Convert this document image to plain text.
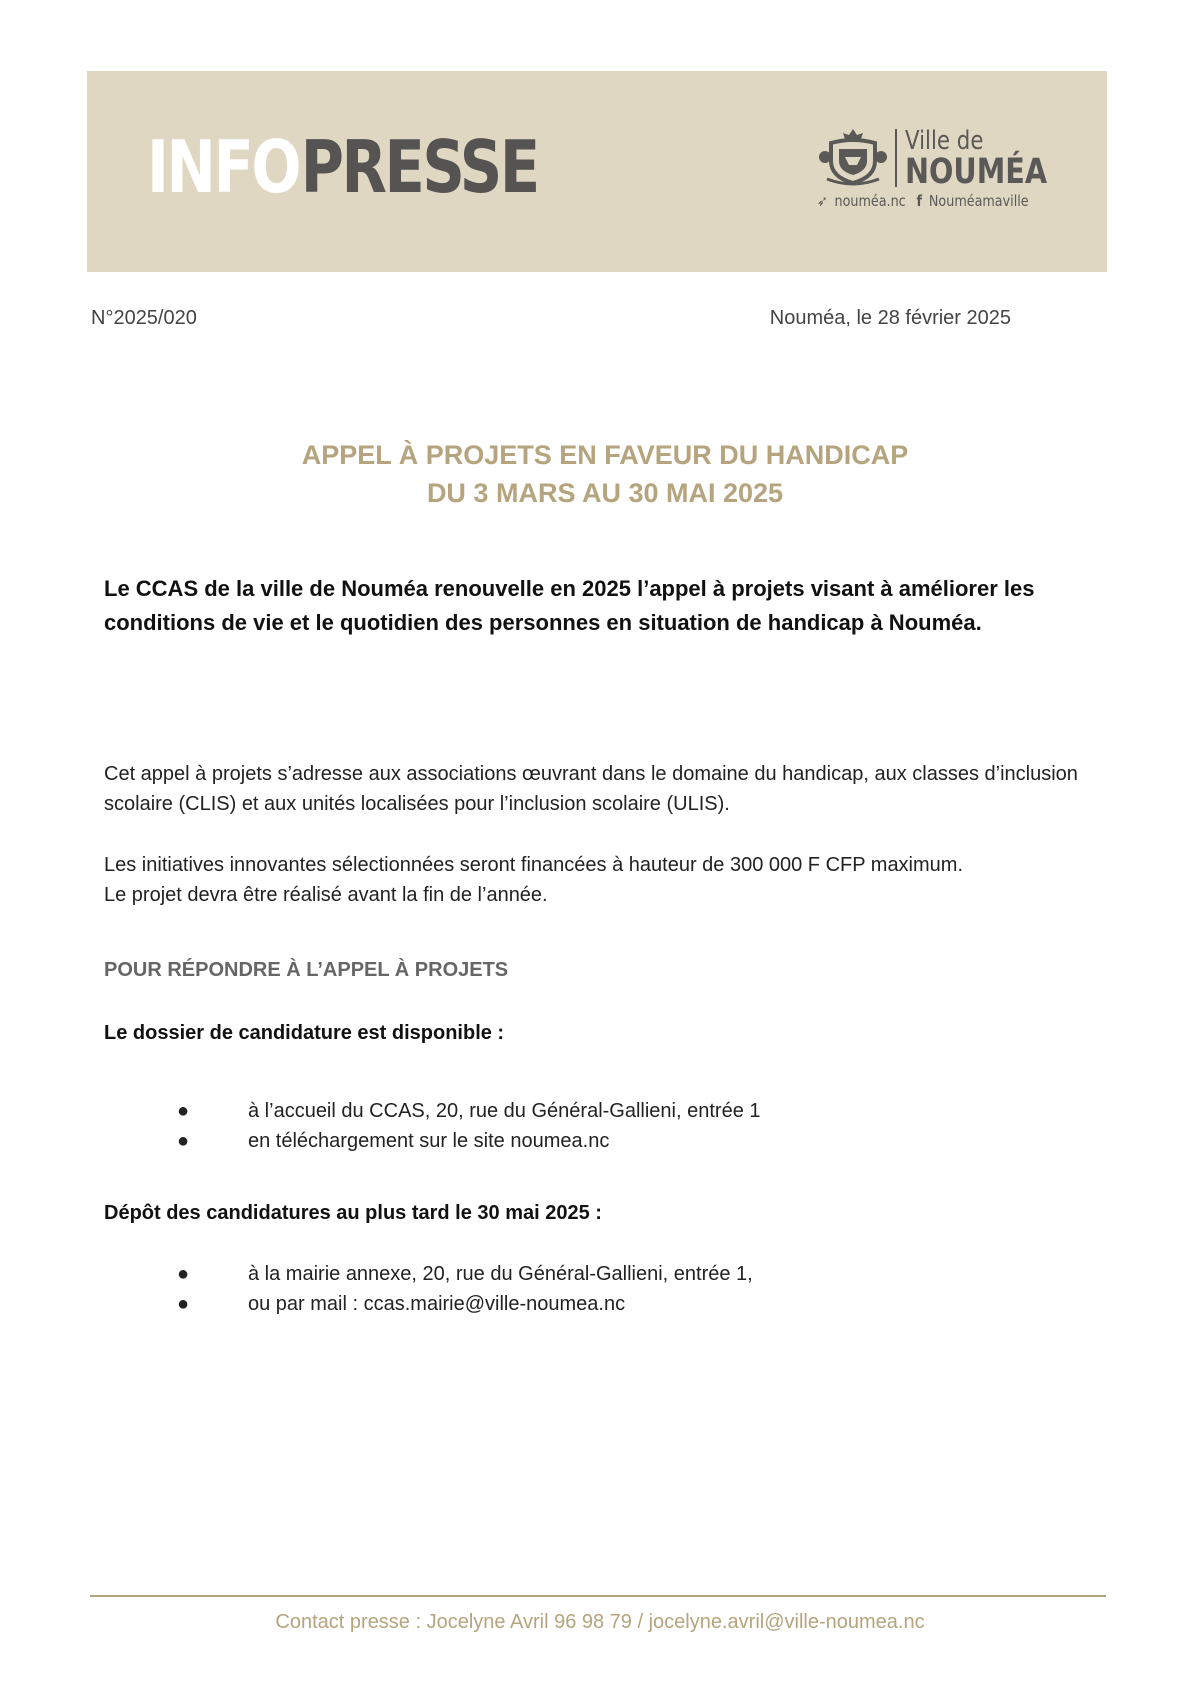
INFOPRESSE	Ville de
NOUMÉA
➶ nouméa.nc f Nouméamaville
N°2025/020	Nouméa, le 28 février 2025
APPEL À PROJETS EN FAVEUR DU HANDICAP
DU 3 MARS AU 30 MAI 2025
Le CCAS de la ville de Nouméa renouvelle en 2025 l’appel à projets visant à améliorer les conditions de vie et le quotidien des personnes en situation de handicap à Nouméa.
Cet appel à projets s’adresse aux associations œuvrant dans le domaine du handicap, aux classes d’inclusion scolaire (CLIS) et aux unités localisées pour l’inclusion scolaire (ULIS).
Les initiatives innovantes sélectionnées seront financées à hauteur de 300 000 F CFP maximum.
Le projet devra être réalisé avant la fin de l’année.
POUR RÉPONDRE À L’APPEL À PROJETS
Le dossier de candidature est disponible :
●	à l’accueil du CCAS, 20, rue du Général-Gallieni, entrée 1
●	en téléchargement sur le site noumea.nc
Dépôt des candidatures au plus tard le 30 mai 2025 :
●	à la mairie annexe, 20, rue du Général-Gallieni, entrée 1,
●	ou par mail : ccas.mairie@ville-noumea.nc
Contact presse : Jocelyne Avril 96 98 79 / jocelyne.avril@ville-noumea.nc
